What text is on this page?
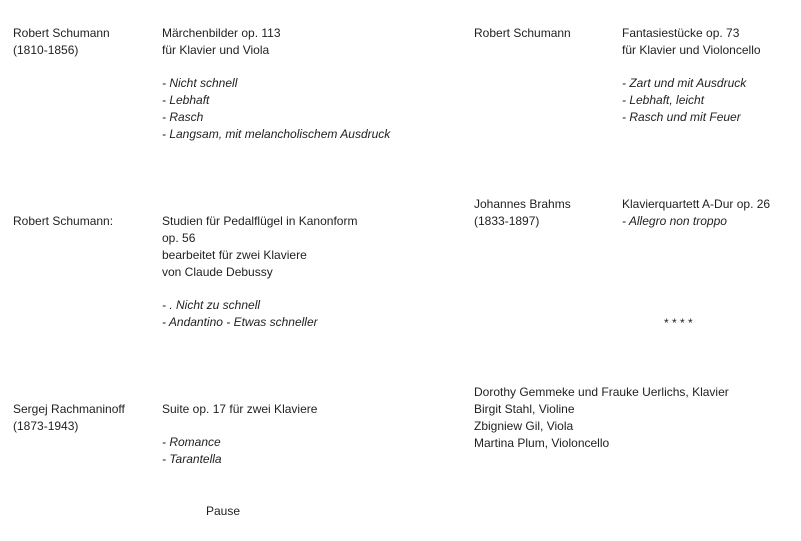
Robert Schumann
(1810-1856)
Märchenbilder op. 113
für Klavier und Viola
- Nicht schnell
- Lebhaft
- Rasch
- Langsam, mit melancholischem Ausdruck
Robert Schumann:	Studien für Pedalflügel in Kanonform
op. 56
bearbeitet für zwei Klaviere
von Claude Debussy
- . Nicht zu schnell
- Andantino - Etwas schneller
Sergej Rachmaninoff
(1873-1943)
Suite op. 17 für zwei Klaviere
- Romance
- Tarantella
Pause
Robert Schumann	Fantasiestücke op. 73
für Klavier und Violoncello
- Zart und mit Ausdruck
- Lebhaft, leicht
- Rasch und mit Feuer
Johannes Brahms
(1833-1897)
Klavierquartett A-Dur op. 26
- Allegro non troppo
* * * *
Dorothy Gemmeke und Frauke Uerlichs, Klavier
Birgit Stahl, Violine
Zbigniew Gil, Viola
Martina Plum, Violoncello
